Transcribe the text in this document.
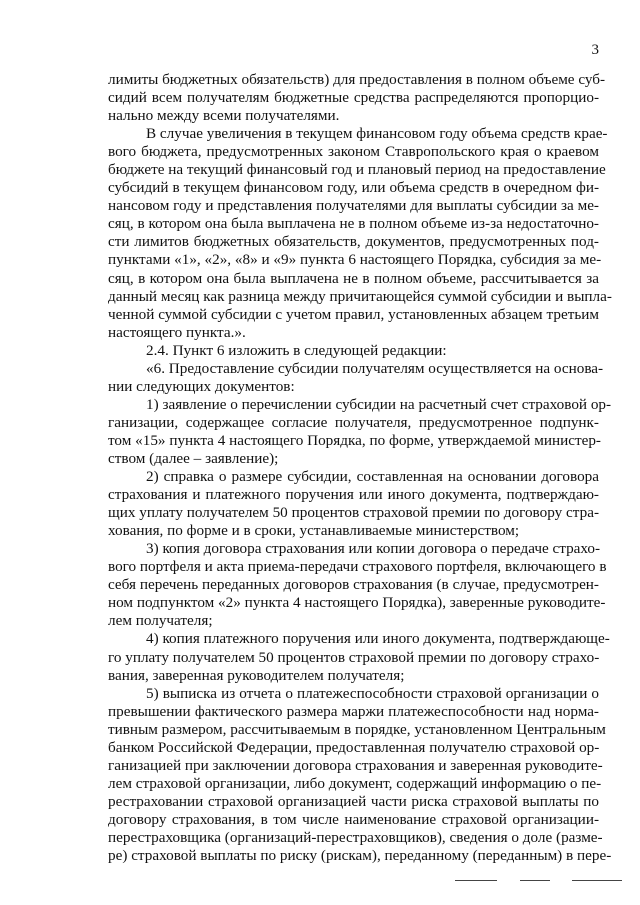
3
лимиты бюджетных обязательств) для предоставления в полном объеме суб-
сидий всем получателям бюджетные средства распределяются пропорцио-
нально между всеми получателями.
В случае увеличения в текущем финансовом году объема средств крае-
вого бюджета, предусмотренных законом Ставропольского края о краевом
бюджете на текущий финансовый год и плановый период на предоставление
субсидий в текущем финансовом году, или объема средств в очередном фи-
нансовом году и представления получателями для выплаты субсидии за ме-
сяц, в котором она была выплачена не в полном объеме из-за недостаточно-
сти лимитов бюджетных обязательств, документов, предусмотренных под-
пунктами «1», «2», «8» и «9» пункта 6 настоящего Порядка, субсидия за ме-
сяц, в котором она была выплачена не в полном объеме, рассчитывается за
данный месяц как разница между причитающейся суммой субсидии и выпла-
ченной суммой субсидии с учетом правил, установленных абзацем третьим
настоящего пункта.».
2.4. Пункт 6 изложить в следующей редакции:
«6. Предоставление субсидии получателям осуществляется на основа-
нии следующих документов:
1) заявление о перечислении субсидии на расчетный счет страховой ор-
ганизации, содержащее согласие получателя, предусмотренное подпунк-
том «15» пункта 4 настоящего Порядка, по форме, утверждаемой министер-
ством (далее – заявление);
2) справка о размере субсидии, составленная на основании договора
страхования и платежного поручения или иного документа, подтверждаю-
щих уплату получателем 50 процентов страховой премии по договору стра-
хования, по форме и в сроки, устанавливаемые министерством;
3) копия договора страхования или копии договора о передаче страхо-
вого портфеля и акта приема-передачи страхового портфеля, включающего в
себя перечень переданных договоров страхования (в случае, предусмотрен-
ном подпунктом «2» пункта 4 настоящего Порядка), заверенные руководите-
лем получателя;
4) копия платежного поручения или иного документа, подтверждающе-
го уплату получателем 50 процентов страховой премии по договору страхо-
вания, заверенная руководителем получателя;
5) выписка из отчета о платежеспособности страховой организации о
превышении фактического размера маржи платежеспособности над норма-
тивным размером, рассчитываемым в порядке, установленном Центральным
банком Российской Федерации, предоставленная получателю страховой ор-
ганизацией при заключении договора страхования и заверенная руководите-
лем страховой организации, либо документ, содержащий информацию о пе-
рестраховании страховой организацией части риска страховой выплаты по
договору страхования, в том числе наименование страховой организации-
перестраховщика (организаций-перестраховщиков), сведения о доле (разме-
ре) страховой выплаты по риску (рискам), переданному (переданным) в пере-
